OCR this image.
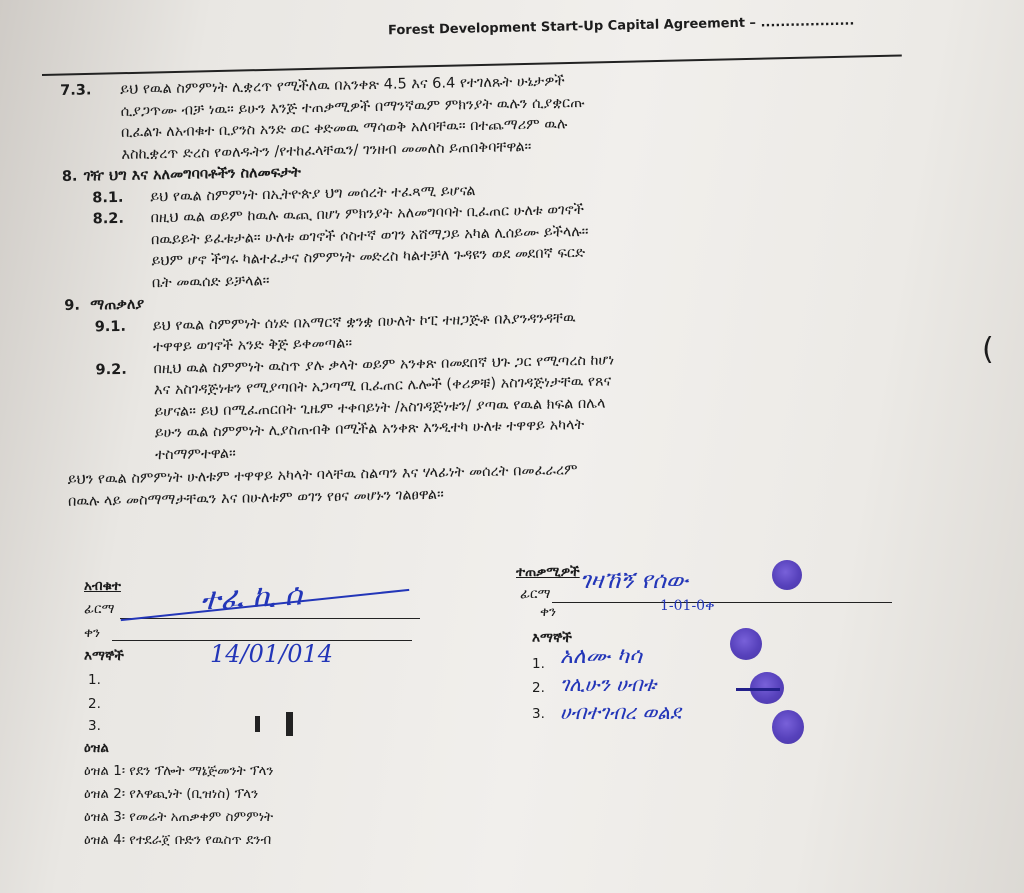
Forest Development Start-Up Capital Agreement – ...................
7.3. ይህ የዉል ስምምነት ሊቋረጥ የሚችለዉ በአንቀጽ 4.5 እና 6.4 የተገለጹት ሁኔታዎች
ሲያጋጥሙ ብቻ ነዉ። ይሁን እንጅ ተጠቃሚዎች በማንኛዉም ምክንያት ዉሉን ሲያቋርጡ
ቢፈልጉ ለአብቁተ ቢያንስ አንድ ወር ቀድመዉ ማሳወቅ አለባቸዉ። በተጨማሪም ዉሉ
እስኪቋረጥ ድረስ የወለዱትን /የተከፈላቸዉን/ ገንዘብ መመለስ ይጠበቅባቸዋል።
8. ገዥ ህግ እና አለመግባባቶችን ስለመፍታት
8.1. ይህ የዉል ስምምነት በኢትዮጵያ ህግ መሰረት ተፈጻሚ ይሆናል
8.2. በዚህ ዉል ወይም ከዉሉ ዉጪ በሆነ ምክንያት አለመግባባት ቢፈጠር ሁለቱ ወገኖች
በዉይይት ይፈቱታል። ሁለቱ ወገኖች ሶስተኛ ወገን አሸማጋይ አካል ሊሰይሙ ይችላሉ።
ይህም ሆኖ ችግሩ ካልተፈታና ስምምነት መድረስ ካልተቻለ ጉዳዩን ወደ መደበኛ ፍርድ
ቤት መዉሰድ ይቻላል።
9. ማጠቃለያ
9.1. ይህ የዉል ስምምነት ሰነድ በአማርኛ ቋንቋ በሁለት ኮፒ ተዘጋጅቶ በእያንዳንዳቸዉ
ተዋዋይ ወገኖች አንድ ቅጅ ይቀመጣል።
9.2. በዚህ ዉል ስምምነት ዉስጥ ያሉ ቃላት ወይም አንቀጽ በመደበኛ ህጉ ጋር የሚጣረስ ከሆነ
እና አስገዳጅነቱን የሚያጣበት አጋጣሚ ቢፈጠር ሌሎች (ቀሪዎቹ) አስገዳጅነታቸዉ የጸና
ይሆናል። ይህ በሚፈጠርበት ጊዜም ተቀባይነት /አስገዳጅነቱን/ ያጣዉ የዉል ክፍል በሌላ
ይሁን ዉል ስምምነት ሊያስጠብቅ በሚችል አንቀጽ እንዲተካ ሁለቱ ተዋዋይ አካላት
ተስማምተዋል።
ይህን የዉል ስምምነት ሁለቱም ተዋዋይ አካላት ባላቸዉ ስልጣን እና ሃላፊነት መሰረት በመፈራረም
በዉሉ ላይ መስማማታቸዉን እና በሁለቱም ወገን የፀና መሆኑን ገልፀዋል።
(
አብቁተ
ፊርማ
ቀን
ተፈ ኪ ሰ
14/01/014
እማኞች
1.
2.
3.
ተጠቃሚዎች
ፊርማ
ቀን
ገዛኸኝ የሰው
1-01-0ቀ
እማኞች
1.
2.
3.
አለሙ ካሳ
ገሊሁን ሀብቱ
ሀብተገብረ ወልደ
ዕዝል
ዕዝል 1፡ የደን ፕሎት ማኔጅመንት ፕላን
ዕዝል 2፡ የእዋጪነት (ቢዝነስ) ፕላን
ዕዝል 3፡ የመሬት አጠቃቀም ስምምነት
ዕዝል 4፡ የተደራጀ ቡድን የዉስጥ ደንብ
